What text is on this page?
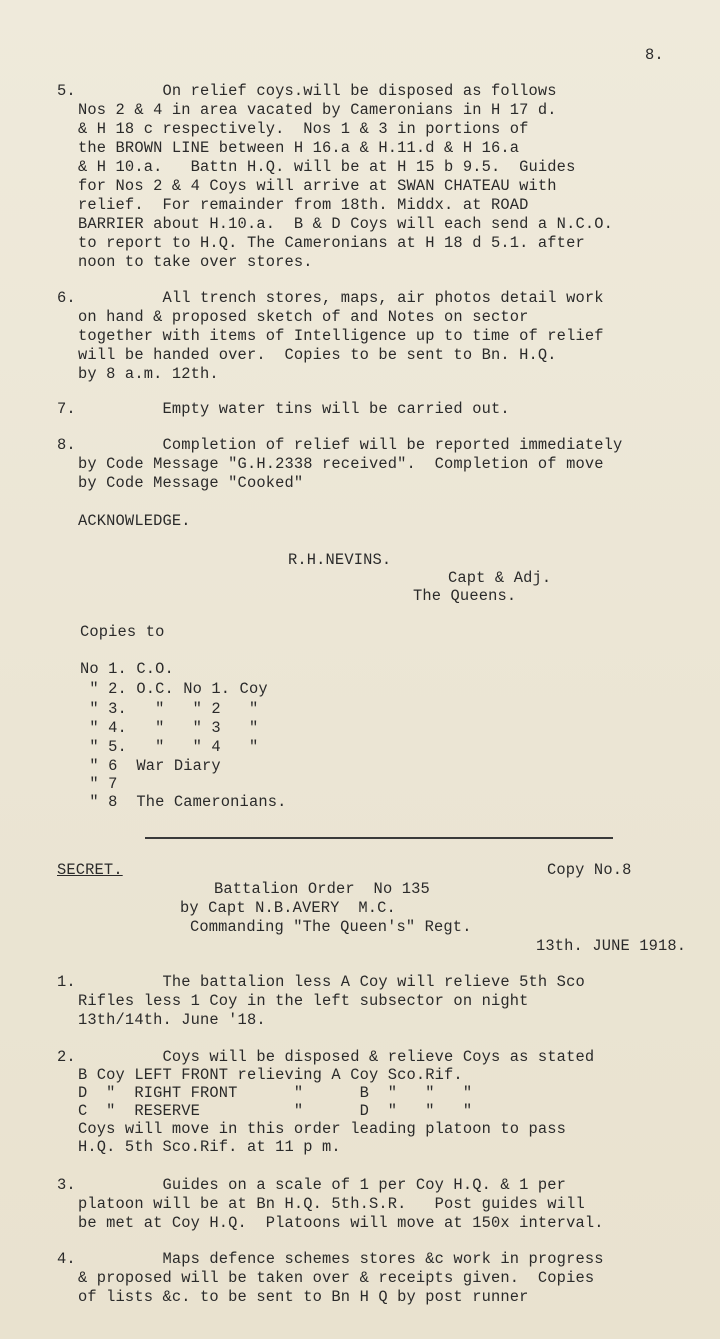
8.
5. On relief coys.will be disposed as follows
Nos 2 & 4 in area vacated by Cameronians in H 17 d.
& H 18 c respectively.  Nos 1 & 3 in portions of
the BROWN LINE between H 16.a & H.11.d & H 16.a
& H 10.a.   Battn H.Q. will be at H 15 b 9.5.  Guides
for Nos 2 & 4 Coys will arrive at SWAN CHATEAU with
relief.  For remainder from 18th. Middx. at ROAD
BARRIER about H.10.a.  B & D Coys will each send a N.C.O.
to report to H.Q. The Cameronians at H 18 d 5.1. after
noon to take over stores.
6. All trench stores, maps, air photos detail work
on hand & proposed sketch of and Notes on sector
together with items of Intelligence up to time of relief
will be handed over.  Copies to be sent to Bn. H.Q.
by 8 a.m. 12th.
7. Empty water tins will be carried out.
8. Completion of relief will be reported immediately
by Code Message "G.H.2338 received".  Completion of move
by Code Message "Cooked"
ACKNOWLEDGE.
R.H.NEVINS.
Capt & Adj.
The Queens.
Copies to
No 1. C.O.
" 2. O.C. No 1. Coy
" 3.   "   " 2   "
" 4.   "   " 3   "
" 5.   "   " 4   "
" 6  War Diary
" 7
" 8  The Cameronians.
SECRET.	Copy No.8
Battalion Order  No 135
by Capt N.B.AVERY  M.C.
Commanding "The Queen's" Regt.
13th. JUNE 1918.
1. The battalion less A Coy will relieve 5th Sco
Rifles less 1 Coy in the left subsector on night
13th/14th. June '18.
2. Coys will be disposed & relieve Coys as stated
B Coy LEFT FRONT relieving A Coy Sco.Rif.
D  "  RIGHT FRONT      "      B  "   "   "
C  "  RESERVE          "      D  "   "   "
Coys will move in this order leading platoon to pass
H.Q. 5th Sco.Rif. at 11 p m.
3. Guides on a scale of 1 per Coy H.Q. & 1 per
platoon will be at Bn H.Q. 5th.S.R.   Post guides will
be met at Coy H.Q.  Platoons will move at 150x interval.
4. Maps defence schemes stores &c work in progress
& proposed will be taken over & receipts given.  Copies
of lists &c. to be sent to Bn H Q by post runner
